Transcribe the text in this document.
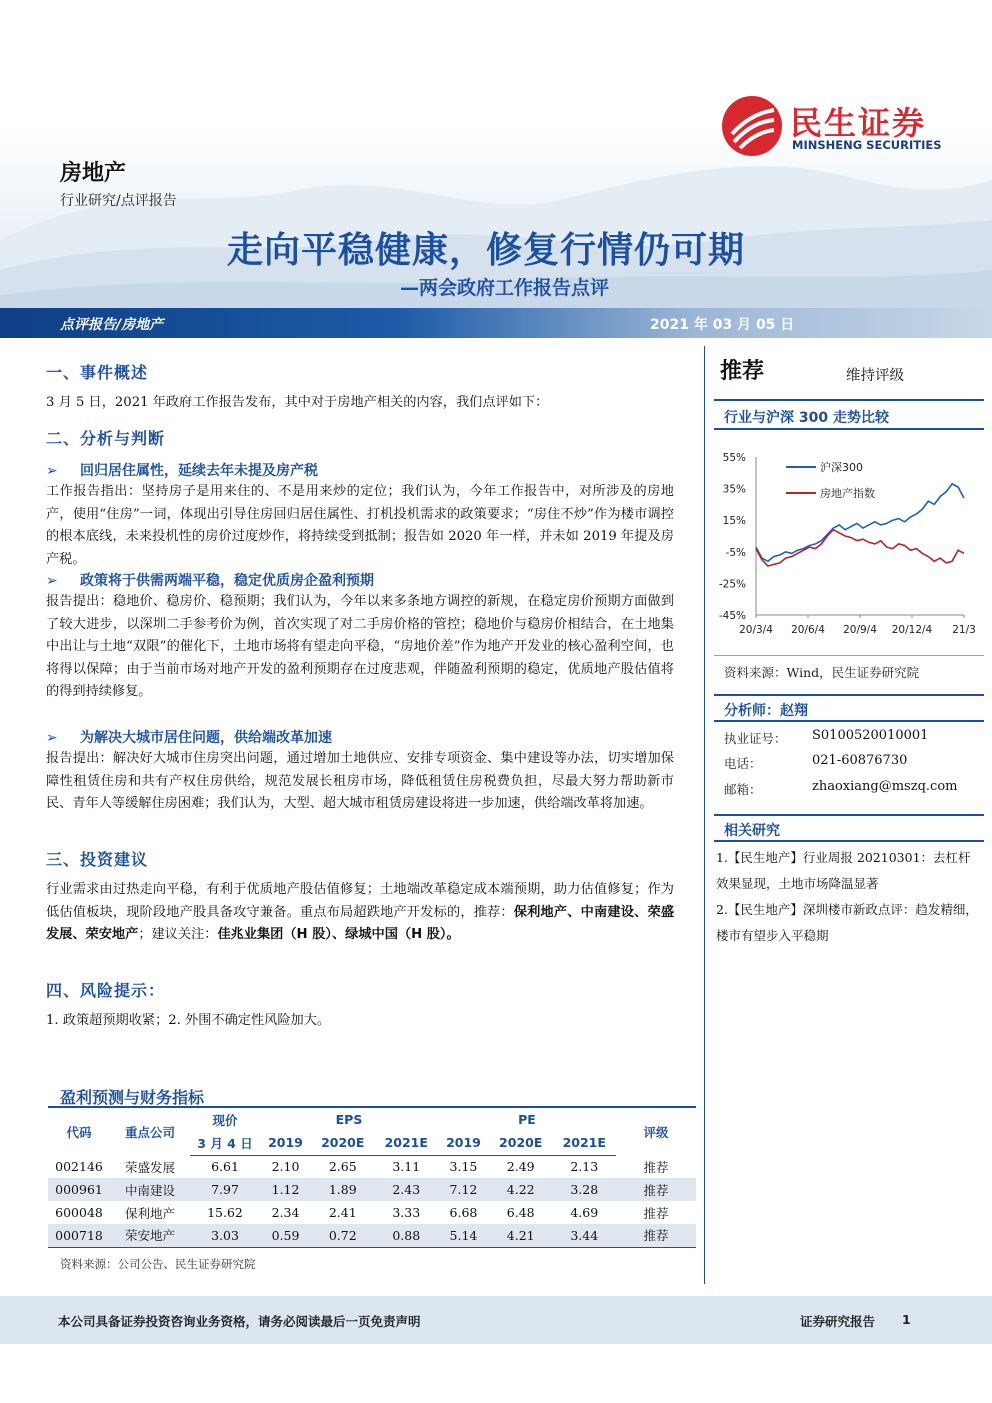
民生证券
MINSHENG SECURITIES
房地产
行业研究/点评报告
走向平稳健康，修复行情仍可期
—两会政府工作报告点评
点评报告/房地产	2021 年 03 月 05 日
一、事件概述
3 月 5 日，2021 年政府工作报告发布，其中对于房地产相关的内容，我们点评如下：
二、分析与判断
➢ 回归居住属性，延续去年未提及房产税
工作报告指出：坚持房子是用来住的、不是用来炒的定位；我们认为，今年工作报告中，对所涉及的房地产，使用“住房”一词，体现出引导住房回归居住属性、打机投机需求的政策要求；“房住不炒”作为楼市调控的根本底线，未来投机性的房价过度炒作，将持续受到抵制；报告如 2020 年一样，并未如 2019 年提及房产税。
➢ 政策将于供需两端平稳，稳定优质房企盈利预期
报告提出：稳地价、稳房价、稳预期；我们认为，今年以来多条地方调控的新规，在稳定房价预期方面做到了较大进步，以深圳二手参考价为例，首次实现了对二手房价格的管控；稳地价与稳房价相结合，在土地集中出让与土地“双限”的催化下，土地市场将有望走向平稳，“房地价差”作为地产开发业的核心盈利空间，也将得以保障；由于当前市场对地产开发的盈利预期存在过度悲观，伴随盈利预期的稳定，优质地产股估值将的得到持续修复。
➢ 为解决大城市居住问题，供给端改革加速
报告提出：解决好大城市住房突出问题，通过增加土地供应、安排专项资金、集中建设等办法，切实增加保障性租赁住房和共有产权住房供给，规范发展长租房市场，降低租赁住房税费负担，尽最大努力帮助新市民、青年人等缓解住房困难；我们认为，大型、超大城市租赁房建设将进一步加速，供给端改革将加速。
三、投资建议
行业需求由过热走向平稳，有利于优质地产股估值修复；土地端改革稳定成本端预期，助力估值修复；作为低估值板块，现阶段地产股具备攻守兼备。重点布局超跌地产开发标的，推荐：保利地产、中南建设、荣盛发展、荣安地产；建议关注：佳兆业集团（H 股）、绿城中国（H 股）。
四、风险提示：
1. 政策超预期收紧；2. 外围不确定性风险加大。
盈利预测与财务指标
代码	重点公司	现价	EPS			PE			评级
		3 月 4 日	2019	2020E	2021E	2019	2020E	2021E	
002146	荣盛发展	6.61	2.10	2.65	3.11	3.15	2.49	2.13	推荐
000961	中南建设	7.97	1.12	1.89	2.43	7.12	4.22	3.28	推荐
600048	保利地产	15.62	2.34	2.41	3.33	6.68	6.48	4.69	推荐
000718	荣安地产	3.03	0.59	0.72	0.88	5.14	4.21	3.44	推荐
资料来源：公司公告、民生证券研究院
推荐	维持评级
行业与沪深 300 走势比较
55%
35%
15%
-5%
-25%
-45%
20/3/4 20/6/4 20/9/4 20/12/4 21/3
沪深300
房地产指数
资料来源：Wind，民生证券研究院
分析师：赵翔
执业证号： S0100520010001
电话：	021-60876730
邮箱：	zhaoxiang@mszq.com
相关研究
1.【民生地产】行业周报 20210301：去杠杆效果显现，土地市场降温显著
2.【民生地产】深圳楼市新政点评：趋发精细，楼市有望步入平稳期
本公司具备证券投资咨询业务资格，请务必阅读最后一页免责声明	证券研究报告 1
